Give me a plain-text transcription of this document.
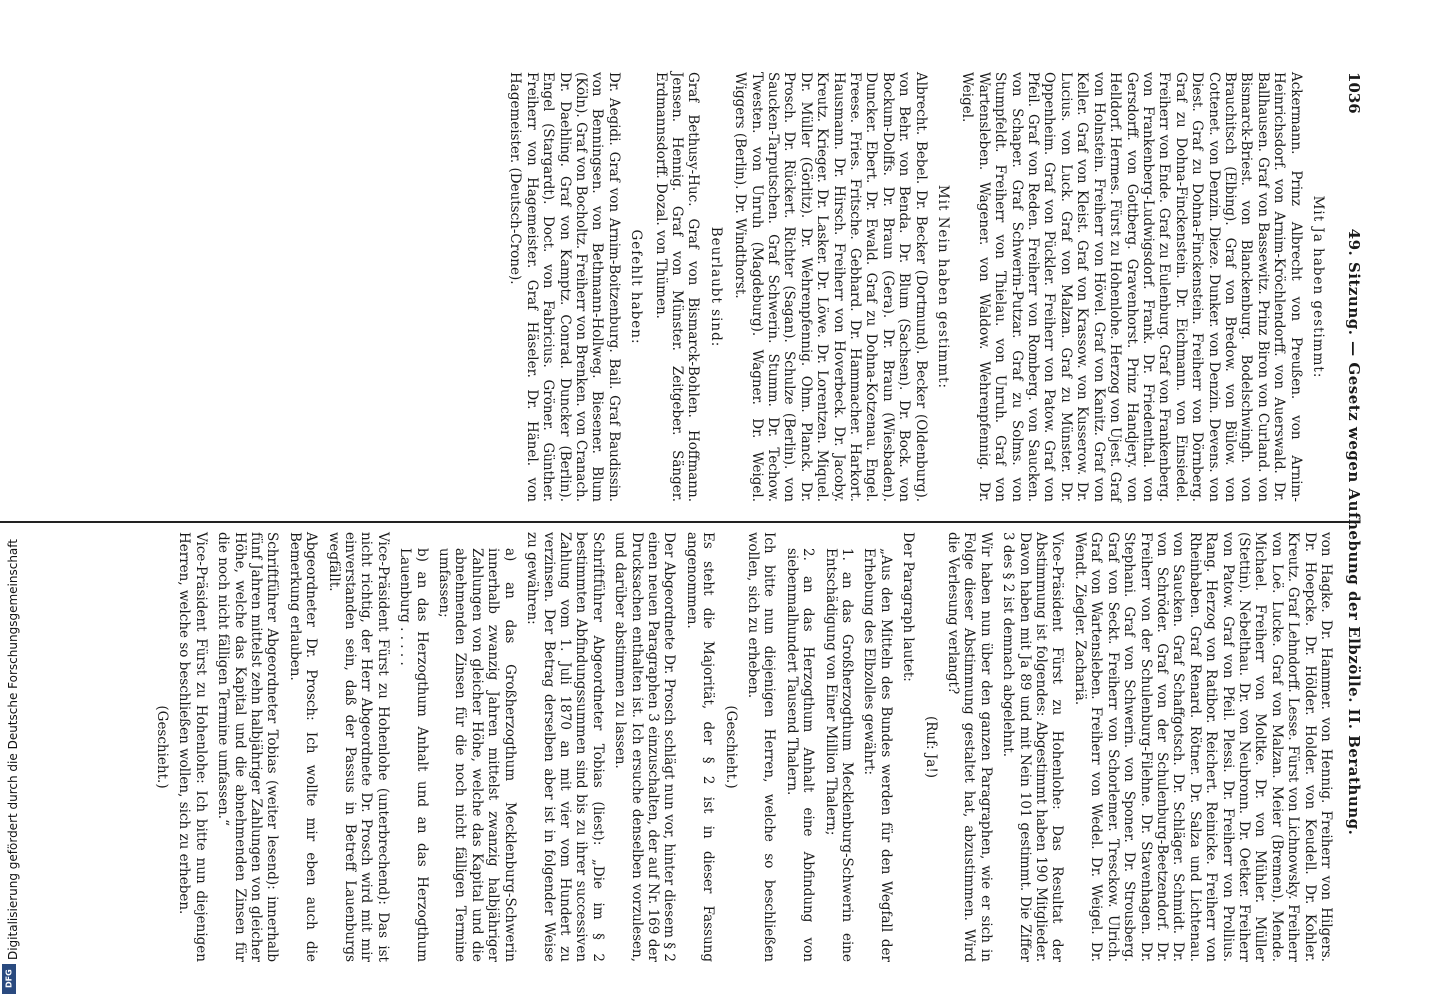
1036
49. Sitzung. — Gesetz wegen Aufhebung der Elbzölle. II. Berathung.
Mit Ja haben gestimmt:

Ackermann. Prinz Albrecht von Preußen. von Arnim-Heinrichsdorf. von Arnim-Kröchlendorff. von Auerswald. Dr. Ballhausen. Graf von Bassewitz. Prinz Biron von Curland. von Bismarck-Briest. von Blanckenburg. Bodelschwingh. von Brauchitsch (Elbing). Graf von Bredow. von Bülow. von Cottenet. von Denzin. Dieze. Dunker. von Denzin. Devens. von Diest. Graf zu Dohna-Finckenstein. Freiherr von Dörnberg. Graf zu Dohna-Finckenstein. Dr. Eichmann. von Einsiedel. Freiherr von Ende. Graf zu Eulenburg. Graf von Frankenberg. von Frankenberg-Ludwigsdorf. Frank. Dr. Friedenthal. von Gersdorff. von Gottberg. Gravenhorst. Prinz Handjery. von Helldorf. Hermes. Fürst zu Hohenlohe. Herzog von Ujest. Graf von Holnstein. Freiherr von Hövel. Graf von Kanitz. Graf von Keller. Graf von Kleist. Graf von Krassow. von Kusserow. Dr. Lucius. von Luck. Graf von Malzan. Graf zu Münster. Dr. Oppenheim. Graf von Pückler. Freiherr von Patow. Graf von Pfeil. Graf von Reden. Freiherr von Romberg. von Saucken. von Schaper. Graf Schwerin-Putzar. Graf zu Solms. von Stumpfeldt. Freiherr von Thielau. von Unruh. Graf von Wartensleben. Wagener. von Waldow. Wehrenpfennig. Dr. Weigel.

Mit Nein haben gestimmt:

Albrecht. Bebel. Dr. Becker (Dortmund). Becker (Oldenburg). von Behr. von Benda. Dr. Blum (Sachsen). Dr. Bock. von Bockum-Dolffs. Dr. Braun (Gera). Dr. Braun (Wiesbaden). Duncker. Ebert. Dr. Ewald. Graf zu Dohna-Kotzenau. Engel. Freese. Fries. Fritsche. Gebhard. Dr. Hammacher. Harkort. Hausmann. Dr. Hirsch. Freiherr von Hoverbeck. Dr. Jacoby. Kreutz. Krieger. Dr. Lasker. Dr. Löwe. Dr. Lorentzen. Miquel. Dr. Müller (Görlitz). Dr. Wehrenpfennig. Ohm. Planck. Dr. Prosch. Dr. Rückert. Richter (Sagan). Schulze (Berlin). von Saucken-Tarputschen. Graf Schwerin. Stumm. Dr. Techow. Twesten. von Unruh (Magdeburg). Wagner. Dr. Weigel. Wiggers (Berlin). Dr. Windthorst.

Beurlaubt sind:

Graf Bethusy-Huc. Graf von Bismarck-Bohlen. Hoffmann. Jensen. Hennig. Graf von Münster. Zeitgeber. Sänger. Erdmannsdorff. Dozal. von Thümen.

Gefehlt haben:

Dr. Aegidi. Graf von Arnim-Boitzenburg. Bail. Graf Baudissin. von Benningsen. von Bethmann-Hollweg. Biesener. Blum (Köln). Graf von Bocholtz. Freiherr von Brenken. von Cranach. Dr. Daehling. Graf von Kamptz. Conrad. Duncker (Berlin). Engel (Stargardt). Doct. von Fabricius. Gröner. Günther. Freiherr von Hagemeister. Graf Häseler. Dr. Hänel. von Hagemeister. (Deutsch-Crone).

von Hagke. Dr. Hammer. von Hennig. Freiherr von Hilgers. Dr. Hoepcke. Dr. Hölder. Holder. von Keudell. Dr. Kohler. Kreutz. Graf Lehndorff. Lesse. Fürst von Lichnowsky. Freiherr von Loë. Lucke. Graf von Malzan. Meier (Bremen). Mende. Michael. Freiherr von Moltke. Dr. von Mühler. Müller (Stettin). Nebelthau. Dr. von Neubronn. Dr. Oetker. Freiherr von Patow. Graf von Pfeil. Plessi. Dr. Freiherr von Prollius. Rang. Herzog von Ratibor. Reichert. Reinicke. Freiherr von Rheinbaben. Graf Renard. Rötner. Dr. Salza und Lichtenau. von Saucken. Graf Schaffgotsch. Dr. Schläger. Schmidt. Dr. von Schröder. Graf von der Schulenburg-Beetzendorf. Dr. Freiherr von der Schulenburg-Filehne. Dr. Stavenhagen. Dr. Stephani. Graf von Schwerin. von Sponer. Dr. Strousberg. Graf von Seckt. Freiherr von Schorlemer. Tresckow. Ulrich. Graf von Wartensleben. Freiherr von Wedel. Dr. Weigel. Dr. Wendt. Ziegler. Zachariä.

Vice-Präsident Fürst zu Hohenlohe: Das Resultat der Abstimmung ist folgendes: Abgestimmt haben 190 Mitglieder. Davon haben mit Ja 89 und mit Nein 101 gestimmt. Die Ziffer 3 des § 2 ist demnach abgelehnt.

Wir haben nun über den ganzen Paragraphen, wie er sich in Folge dieser Abstimmung gestaltet hat, abzustimmen. Wird die Verlesung verlangt?

(Ruf: Ja!)

Der Paragraph lautet:

„Aus den Mitteln des Bundes werden für den Wegfall der Erhebung des Elbzolles gewährt:

1. an das Großherzogthum Mecklenburg-Schwerin eine Entschädigung von Einer Million Thalern;

2. an das Herzogthum Anhalt eine Abfindung von siebenmalhundert Tausend Thalern.

Ich bitte nun diejenigen Herren, welche so beschließen wollen, sich zu erheben.

(Geschieht.)

Es steht die Majorität, der § 2 ist in dieser Fassung angenommen.

Der Abgeordnete Dr. Prosch schlägt nun vor, hinter diesem § 2 einen neuen Paragraphen 3 einzuschalten, der auf Nr. 169 der Drucksachen enthalten ist. Ich ersuche denselben vorzulesen, und darüber abstimmen zu lassen.

Schriftführer Abgeordneter Tobias (liest): „Die im § 2 bestimmten Abfindungssummen sind bis zu ihrer successiven Zahlung vom 1. Juli 1870 an mit vier vom Hundert zu verzinsen. Der Betrag derselben aber ist in folgender Weise zu gewähren:

a) an das Großherzogthum Mecklenburg-Schwerin innerhalb zwanzig Jahren mittelst zwanzig halbjähriger Zahlungen von gleicher Höhe, welche das Kapital und die abnehmenden Zinsen für die noch nicht fälligen Termine umfassen;

b) an das Herzogthum Anhalt und an das Herzogthum Lauenburg . . . . .

Vice-Präsident Fürst zu Hohenlohe (unterbrechend): Das ist nicht richtig, der Herr Abgeordnete Dr. Prosch wird mit mir einverstanden sein, daß der Passus in Betreff Lauenburgs wegfällt.

Abgeordneter Dr. Prosch: Ich wollte mir eben auch die Bemerkung erlauben.

Schriftführer Abgeordneter Tobias (weiter lesend): innerhalb fünf Jahren mittelst zehn halbjähriger Zahlungen von gleicher Höhe, welche das Kapital und die abnehmenden Zinsen für die noch nicht fälligen Termine umfassen.“

Vice-Präsident Fürst zu Hohenlohe: Ich bitte nun diejenigen Herren, welche so beschließen wollen, sich zu erheben.

(Geschieht.)

Digitalisierung gefördert durch die Deutsche Forschungsgemeinschaft
DFG
